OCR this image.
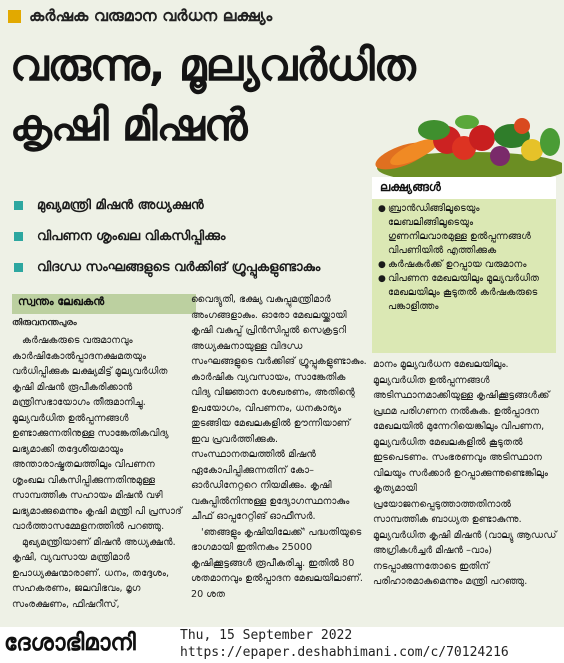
കർഷക വരുമാന വർധന ലക്ഷ്യം
വരുന്നു, മൂല്യവർധിത കൃഷി മിഷൻ
മുഖ്യമന്ത്രി മിഷൻ അധ്യക്ഷൻ
വിപണന ശൃംഖല വികസിപ്പിക്കും
വിദഗ്ധ സംഘങ്ങളുടെ വർക്കിങ് ഗ്രൂപ്പുകളുണ്ടാകും
ലക്ഷ്യങ്ങൾ
● ബ്രാൻഡിങ്ങിലൂടെയും ലേബലിങ്ങിലൂടെയും ഗുണനിലവാരമുള്ള ഉൽപ്പന്നങ്ങൾ വിപണിയിൽ എത്തിക്കുക
● കർഷകർക്ക് ഉറപ്പായ വരുമാനം
● വിപണന മേഖലയിലും മൂല്യവർധിത മേഖലയിലും കൂടുതൽ കർഷകരുടെ പങ്കാളിത്തം
സ്വന്തം ലേഖകൻ
തിരുവനന്തപുരം

കർഷകരുടെ വരുമാനവും കാർഷികോൽപ്പാദനക്ഷമതയും വർധിപ്പിക്കുക ലക്ഷ്യമിട്ട് മൂല്യവർധിത കൃഷി മിഷൻ രൂപീകരിക്കാൻ മന്ത്രിസഭായോഗം തീരുമാനിച്ചു. മൂല്യവർധിത ഉൽപ്പന്നങ്ങൾ ഉണ്ടാക്കുന്നതിനുള്ള സാങ്കേതികവിദ്യ ലഭ്യമാക്കി തദ്ദേശീയമായും അന്താരാഷ്ട്രതലത്തിലും വിപണന ശൃംഖല വികസിപ്പിക്കുന്നതിനുമുള്ള സാമ്പത്തിക സഹായം മിഷൻ വഴി ലഭ്യമാക്കുമെന്നും കൃഷി മന്ത്രി പി പ്രസാദ് വാർത്താസമ്മേളനത്തിൽ പറഞ്ഞു.

മുഖ്യമന്ത്രിയാണ് മിഷൻ അധ്യക്ഷൻ. കൃഷി, വ്യവസായ മന്ത്രിമാർ ഉപാധ്യക്ഷന്മാരാണ്. ധനം, തദ്ദേശം, സഹകരണം, ജലവിഭവം, മൃഗ സംരക്ഷണം, ഫിഷറീസ്,

വൈദ്യുതി, ഭക്ഷ്യ വകുപ്പുമന്ത്രിമാർ അംഗങ്ങളാകും. ഓരോ മേഖലയ്ക്കായി കൃഷി വകുപ്പ് പ്രിൻസിപ്പൽ സെക്രട്ടറി അധ്യക്ഷനായുള്ള വിദഗ്ധ സംഘങ്ങളുടെ വർക്കിങ് ഗ്രൂപ്പുകളുണ്ടാകും. കാർഷിക വ്യവസായം, സാങ്കേതിക വിദ്യ വിജ്ഞാന ശേഖരണം, അതിന്റെ ഉപയോഗം, വിപണനം, ധനകാര്യം തുടങ്ങിയ മേഖലകളിൽ ഊന്നിയാണ് ഇവ പ്രവർത്തിക്കുക. സംസ്ഥാനതലത്തിൽ മിഷൻ ഏകോപിപ്പിക്കുന്നതിന് കോ– ഓർഡിനേറ്ററെ നിയമിക്കും. കൃഷി വകുപ്പിൽനിന്നുള്ള ഉദ്യോഗസ്ഥനാകും ചീഫ് ഓപ്പറേറ്റിങ് ഓഫീസർ.

'ഞങ്ങളും കൃഷിയിലേക്ക്' പദ്ധതിയുടെ ഭാഗമായി ഇതിനകം 25000 കൃഷിക്കൂട്ടങ്ങൾ രൂപീകരിച്ചു. ഇതിൽ 80 ശതമാനവും ഉൽപ്പാദന മേഖലയിലാണ്. 20 ശത

മാനം മൂല്യവർധന മേഖലയിലും. മൂല്യവർധിത ഉൽപ്പന്നങ്ങൾ അടിസ്ഥാനമാക്കിയുള്ള കൃഷിക്കൂട്ടങ്ങൾക്ക് പ്രഥമ പരിഗണന നൽകുക. ഉൽപ്പാദന മേഖലയിൽ മുന്നേറിയെങ്കിലും വിപണന, മൂല്യവർധിത മേഖലകളിൽ കൂടുതൽ ഇടപെടണം. സംഭരണവും അടിസ്ഥാന വിലയും സർക്കാർ ഉറപ്പാക്കുന്നുണ്ടെങ്കിലും കൃത്യമായി പ്രയോജനപ്പെടുത്താത്തതിനാൽ സാമ്പത്തിക ബാധ്യത ഉണ്ടാകുന്നു. മൂല്യവർധിത കൃഷി മിഷൻ (വാല്യു ആഡഡ് അഗ്രികൾച്ചർ മിഷൻ –വാം) നടപ്പാക്കുന്നതോടെ ഇതിന് പരിഹാരമാകുമെന്നും മന്ത്രി പറഞ്ഞു.

ദേശാഭിമാനി	Thu, 15 September 2022
https://epaper.deshabhimani.com/c/70124216
